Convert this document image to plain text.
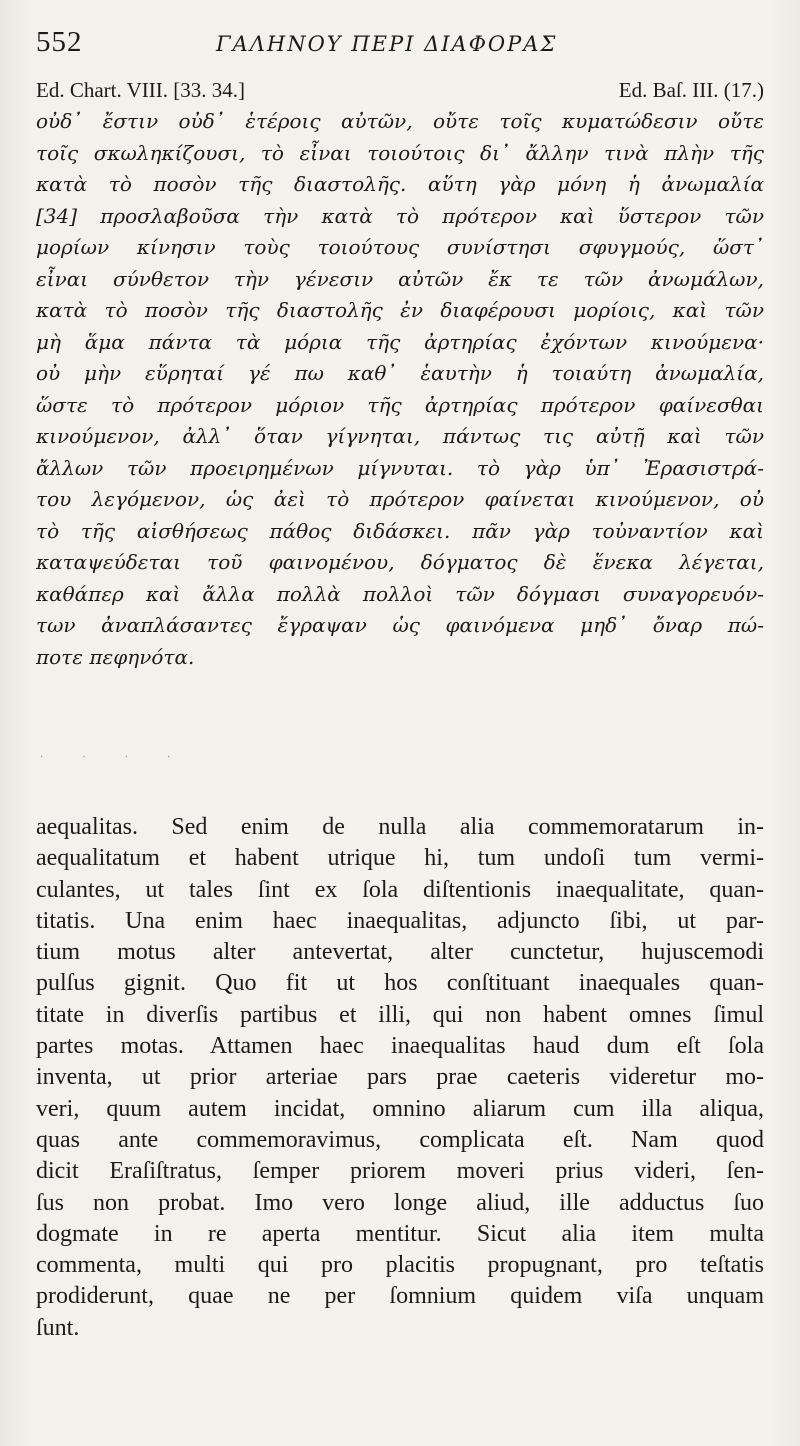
552	ΓΑΛΗΝΟΥ ΠΕΡΙ ΔΙΑΦΟΡΑΣ
Ed. Chart. VIII. [33. 34.]	Ed. Baſ. III. (17.)
οὐδ᾽ ἔστιν οὐδ᾽ ἑτέροις αὐτῶν, οὔτε τοῖς κυματώδεσιν οὔτε
τοῖς σκωληκίζουσι, τὸ εἶναι τοιούτοις δι᾽ ἄλλην τινὰ πλὴν τῆς
κατὰ τὸ ποσὸν τῆς διαστολῆς. αὕτη γὰρ μόνη ἡ ἀνωμαλία
[34] προσλαβοῦσα τὴν κατὰ τὸ πρότερον καὶ ὕστερον τῶν
μορίων κίνησιν τοὺς τοιούτους συνίστησι σφυγμούς, ὥστ᾽
εἶναι σύνθετον τὴν γένεσιν αὐτῶν ἔκ τε τῶν ἀνωμάλων,
κατὰ τὸ ποσὸν τῆς διαστολῆς ἐν διαφέρουσι μορίοις, καὶ τῶν
μὴ ἅμα πάντα τὰ μόρια τῆς ἀρτηρίας ἐχόντων κινούμενα·
οὐ μὴν εὕρηταί γέ πω καθ᾽ ἑαυτὴν ἡ τοιαύτη ἀνωμαλία,
ὥστε τὸ πρότερον μόριον τῆς ἀρτηρίας πρότερον φαίνεσθαι
κινούμενον, ἀλλ᾽ ὅταν γίγνηται, πάντως τις αὐτῇ καὶ τῶν
ἄλλων τῶν προειρημένων μίγνυται. τὸ γὰρ ὑπ᾽ Ἐρασιστρά-
του λεγόμενον, ὡς ἀεὶ τὸ πρότερον φαίνεται κινούμενον, οὐ
τὸ τῆς αἰσθήσεως πάθος διδάσκει. πᾶν γὰρ τοὐναντίον καὶ
καταψεύδεται τοῦ φαινομένου, δόγματος δὲ ἕνεκα λέγεται,
καθάπερ καὶ ἄλλα πολλὰ πολλοὶ τῶν δόγμασι συναγορευόν-
των ἀναπλάσαντες ἔγραψαν ὡς φαινόμενα μηδ᾽ ὄναρ πώ-
ποτε πεφηνότα.
· · · ·
aequalitas. Sed enim de nulla alia commemoratarum in-
aequalitatum et habent utrique hi, tum undoſi tum vermi-
culantes, ut tales ſint ex ſola diſtentionis inaequalitate, quan-
titatis. Una enim haec inaequalitas, adjuncto ſibi, ut par-
tium motus alter antevertat, alter cunctetur, hujuscemodi
pulſus gignit. Quo fit ut hos conſtituant inaequales quan-
titate in diverſis partibus et illi, qui non habent omnes ſimul
partes motas. Attamen haec inaequalitas haud dum eſt ſola
inventa, ut prior arteriae pars prae caeteris videretur mo-
veri, quum autem incidat, omnino aliarum cum illa aliqua,
quas ante commemoravimus, complicata eſt. Nam quod
dicit Eraſiſtratus, ſemper priorem moveri prius videri, ſen-
ſus non probat. Imo vero longe aliud, ille adductus ſuo
dogmate in re aperta mentitur. Sicut alia item multa
commenta, multi qui pro placitis propugnant, pro teſtatis
prodiderunt, quae ne per ſomnium quidem viſa unquam
ſunt.
